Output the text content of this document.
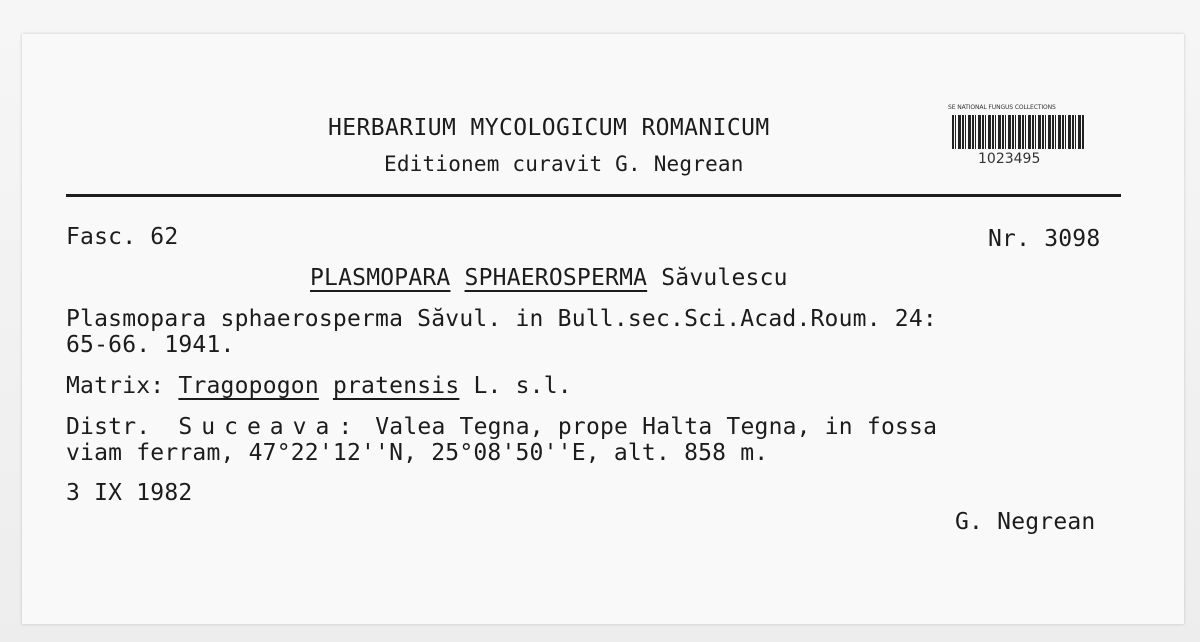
HERBARIUM MYCOLOGICUM ROMANICUM
Editionem curavit G. Negrean
SE NATIONAL FUNGUS COLLECTIONS
1023495
Fasc. 62	Nr. 3098
PLASMOPARA SPHAEROSPERMA Săvulescu
Plasmopara sphaerosperma Săvul. in Bull.sec.Sci.Acad.Roum. 24:
65-66. 1941.
Matrix: Tragopogon pratensis L. s.l.
Distr. Suceava: Valea Tegna, prope Halta Tegna, in fossa
viam ferram, 47°22'12''N, 25°08'50''E, alt. 858 m.
3 IX 1982
G. Negrean
